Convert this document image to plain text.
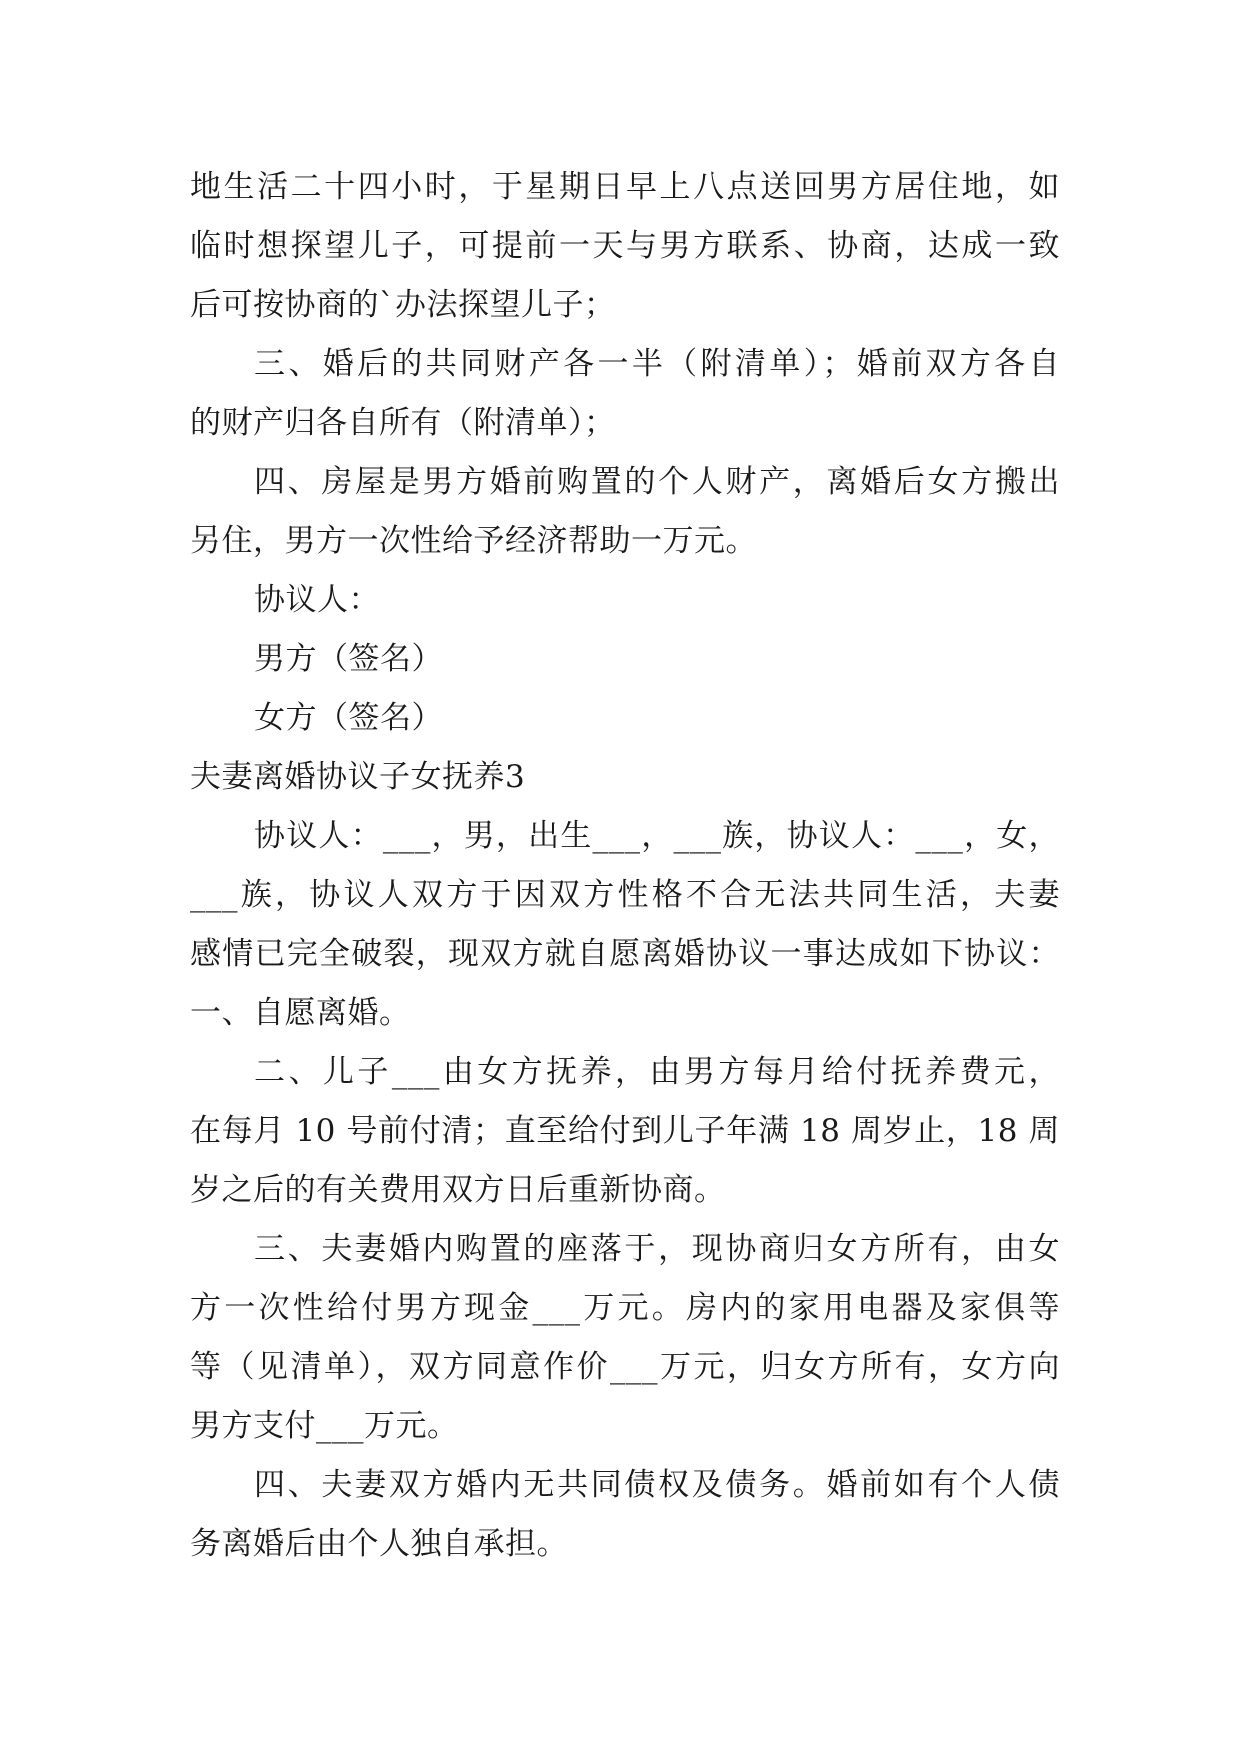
地生活二十四小时，于星期日早上八点送回男方居住地，如
临时想探望儿子，可提前一天与男方联系、协商，达成一致
后可按协商的`办法探望儿子；
三、婚后的共同财产各一半（附清单）；婚前双方各自
的财产归各自所有（附清单）；
四、房屋是男方婚前购置的个人财产，离婚后女方搬出
另住，男方一次性给予经济帮助一万元。
协议人：
男方（签名）
女方（签名）
夫妻离婚协议子女抚养3
协议人：___，男，出生___，___族，协议人：___，女，
___族，协议人双方于因双方性格不合无法共同生活，夫妻
感情已完全破裂，现双方就自愿离婚协议一事达成如下协议：
一、自愿离婚。
二、儿子___由女方抚养，由男方每月给付抚养费元，
在每月 10 号前付清；直至给付到儿子年满 18 周岁止，18 周
岁之后的有关费用双方日后重新协商。
三、夫妻婚内购置的座落于，现协商归女方所有，由女
方一次性给付男方现金___万元。房内的家用电器及家俱等
等（见清单），双方同意作价___万元，归女方所有，女方向
男方支付___万元。
四、夫妻双方婚内无共同债权及债务。婚前如有个人债
务离婚后由个人独自承担。
